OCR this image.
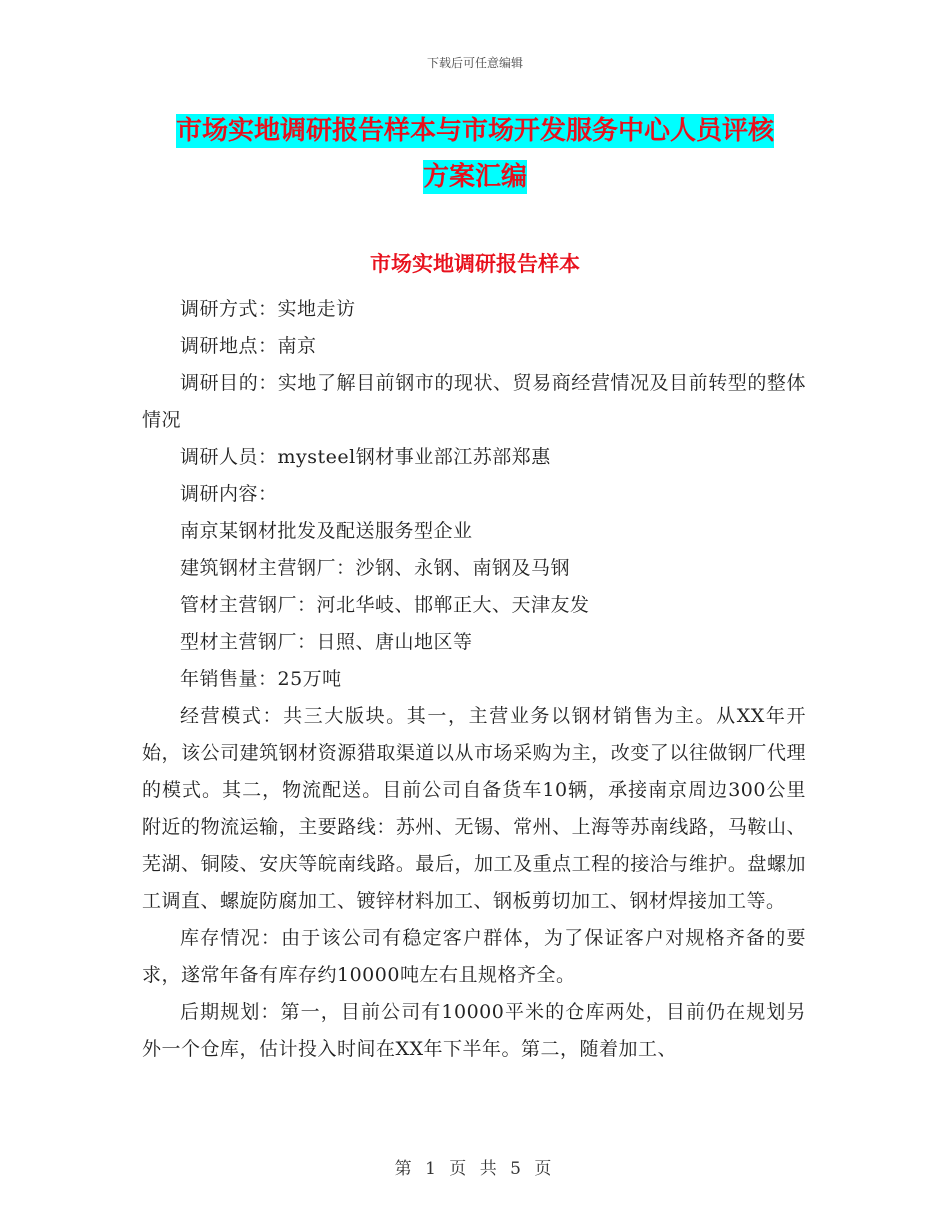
下载后可任意编辑
市场实地调研报告样本与市场开发服务中心人员评核
方案汇编
市场实地调研报告样本

调研方式：实地走访

调研地点：南京

调研目的：实地了解目前钢市的现状、贸易商经营情况及目前转型的整体情况

调研人员：mysteel钢材事业部江苏部郑惠

调研内容：

南京某钢材批发及配送服务型企业

建筑钢材主营钢厂：沙钢、永钢、南钢及马钢

管材主营钢厂：河北华岐、邯郸正大、天津友发

型材主营钢厂：日照、唐山地区等

年销售量：25万吨

经营模式：共三大版块。其一，主营业务以钢材销售为主。从XX年开始，该公司建筑钢材资源猎取渠道以从市场采购为主，改变了以往做钢厂代理的模式。其二，物流配送。目前公司自备货车10辆，承接南京周边300公里附近的物流运输，主要路线：苏州、无锡、常州、上海等苏南线路，马鞍山、芜湖、铜陵、安庆等皖南线路。最后，加工及重点工程的接洽与维护。盘螺加工调直、螺旋防腐加工、镀锌材料加工、钢板剪切加工、钢材焊接加工等。

库存情况：由于该公司有稳定客户群体，为了保证客户对规格齐备的要求，遂常年备有库存约10000吨左右且规格齐全。

后期规划：第一，目前公司有10000平米的仓库两处，目前仍在规划另外一个仓库，估计投入时间在XX年下半年。第二，随着加工、

第 1 页 共 5 页
